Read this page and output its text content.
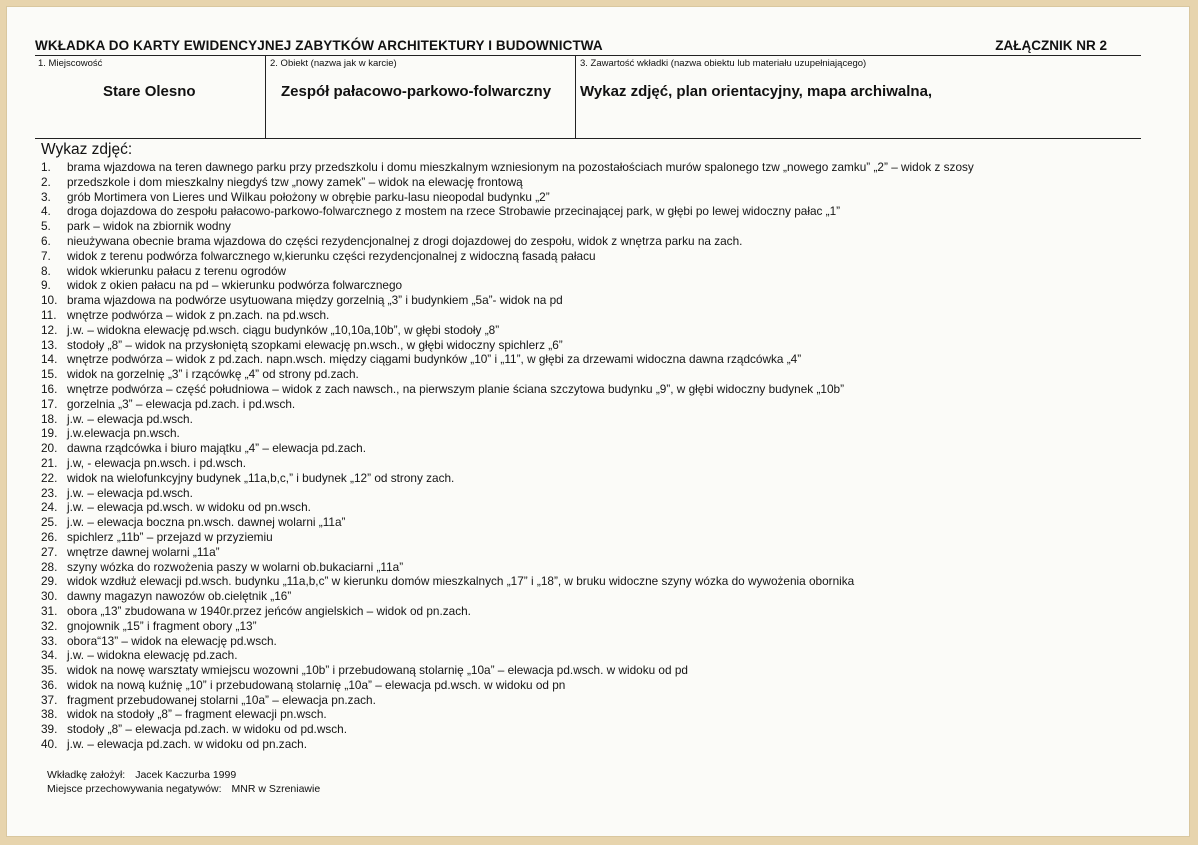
WKŁADKA DO KARTY EWIDENCYJNEJ ZABYTKÓW ARCHITEKTURY I BUDOWNICTWA	ZAŁĄCZNIK NR 2
1. Miejscowość
Stare Olesno
2. Obiekt (nazwa jak w karcie)
Zespół pałacowo-parkowo-folwarczny
3. Zawartość wkładki (nazwa obiektu lub materiału uzupełniającego)
Wykaz zdjęć, plan orientacyjny, mapa archiwalna,
Wykaz zdjęć:
1. brama wjazdowa na teren dawnego parku przy przedszkolu i domu mieszkalnym wzniesionym na pozostałościach murów spalonego tzw „nowego zamku” „2” – widok z szosy
2. przedszkole i dom mieszkalny niegdyś tzw „nowy zamek” – widok na elewację frontową
3. grób Mortimera von Lieres und Wilkau położony w obrębie parku-lasu nieopodal budynku „2”
4. droga dojazdowa do zespołu pałacowo-parkowo-folwarcznego z mostem na rzece Strobawie przecinającej park, w głębi po lewej widoczny pałac „1”
5. park – widok na zbiornik wodny
6. nieużywana obecnie brama wjazdowa do części rezydencjonalnej z drogi dojazdowej do zespołu, widok z wnętrza parku na zach.
7. widok z terenu podwórza folwarcznego w,kierunku części rezydencjonalnej z widoczną fasadą pałacu
8. widok wkierunku pałacu z terenu ogrodów
9. widok z okien pałacu na pd – wkierunku podwórza folwarcznego
10. brama wjazdowa na podwórze usytuowana między gorzelnią „3” i budynkiem „5a”- widok na pd
11. wnętrze podwórza – widok z pn.zach. na pd.wsch.
12. j.w. – widokna elewację pd.wsch. ciągu budynków „10,10a,10b”, w głębi stodoły „8”
13. stodoły „8” – widok na przysłoniętą szopkami elewację pn.wsch., w głębi widoczny spichlerz „6”
14. wnętrze podwórza – widok z pd.zach. napn.wsch. między ciągami budynków „10” i „11”, w głębi za drzewami widoczna dawna rządcówka „4”
15. widok na gorzelnię „3” i rzącówkę „4” od strony pd.zach.
16. wnętrze podwórza – część południowa – widok z zach nawsch., na pierwszym planie ściana szczytowa budynku „9”, w głębi widoczny budynek „10b”
17. gorzelnia „3” – elewacja pd.zach. i pd.wsch.
18. j.w. – elewacja pd.wsch.
19. j.w.elewacja pn.wsch.
20. dawna rządcówka i biuro majątku „4” – elewacja pd.zach.
21. j.w, - elewacja pn.wsch. i pd.wsch.
22. widok na wielofunkcyjny budynek „11a,b,c,” i budynek „12” od strony zach.
23. j.w. – elewacja pd.wsch.
24. j.w. – elewacja pd.wsch. w widoku od pn.wsch.
25. j.w. – elewacja boczna pn.wsch. dawnej wolarni „11a”
26. spichlerz „11b” – przejazd w przyziemiu
27. wnętrze dawnej wolarni „11a”
28. szyny wózka do rozwożenia paszy w wolarni ob.bukaciarni „11a”
29. widok wzdłuż elewacji pd.wsch. budynku „11a,b,c” w kierunku domów mieszkalnych „17” i „18”, w bruku widoczne szyny wózka do wywożenia obornika
30. dawny magazyn nawozów ob.cielętnik „16”
31. obora „13” zbudowana w 1940r.przez jeńców angielskich – widok od pn.zach.
32. gnojownik „15” i fragment obory „13”
33. obora“13” – widok na elewację pd.wsch.
34. j.w. – widokna elewację pd.zach.
35. widok na nowę warsztaty wmiejscu wozowni „10b” i przebudowaną stolarnię „10a” – elewacja pd.wsch. w widoku od pd
36. widok na nową kuźnię „10” i przebudowaną stolarnię „10a” – elewacja pd.wsch. w widoku od pn
37. fragment przebudowanej stolarni „10a” – elewacja pn.zach.
38. widok na stodoły „8” – fragment elewacji pn.wsch.
39. stodoły „8” – elewacja pd.zach. w widoku od pd.wsch.
40. j.w. – elewacja pd.zach. w widoku od pn.zach.
Wkładkę założył: Jacek Kaczurba 1999
Miejsce przechowywania negatywów: MNR w Szreniawie
